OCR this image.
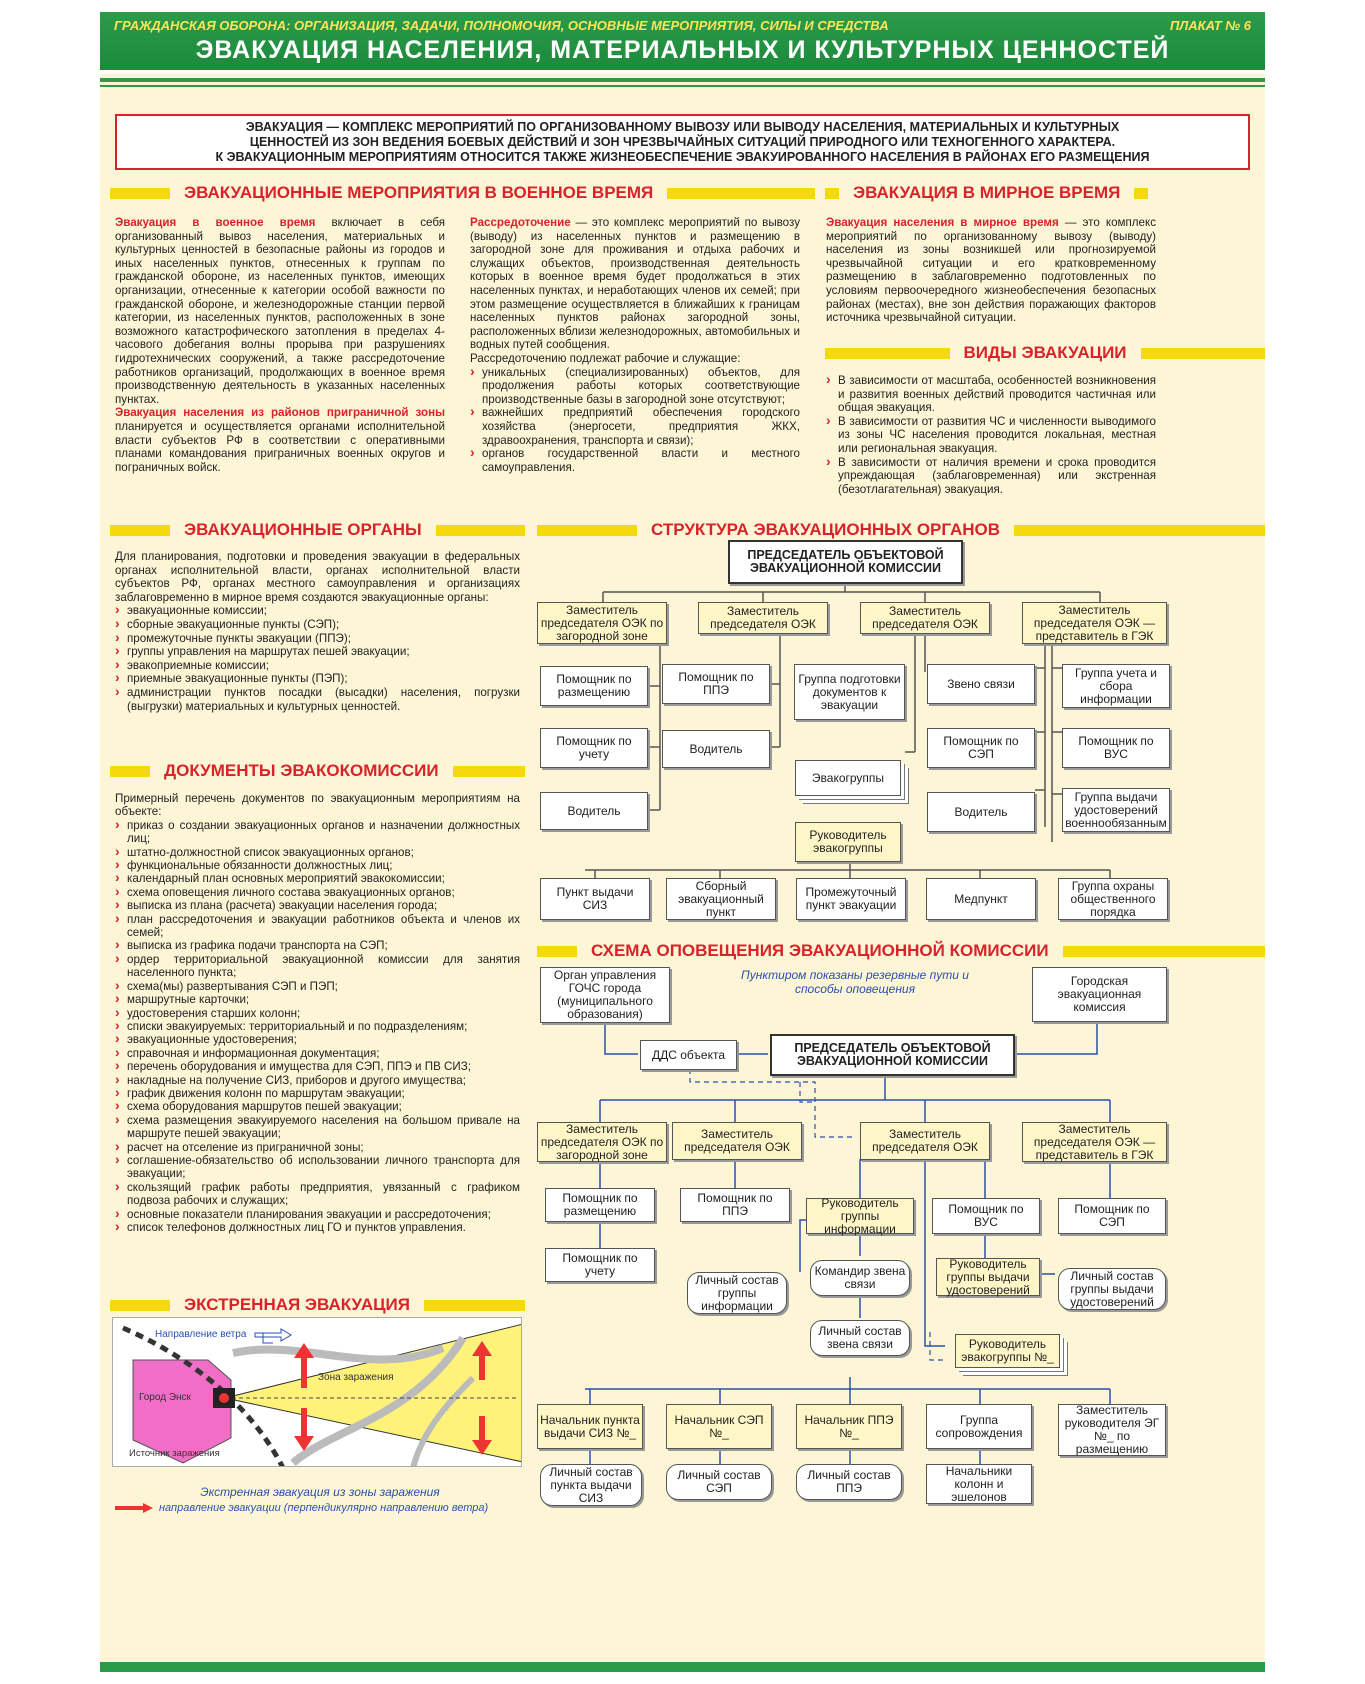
ГРАЖДАНСКАЯ ОБОРОНА: ОРГАНИЗАЦИЯ, ЗАДАЧИ, ПОЛНОМОЧИЯ, ОСНОВНЫЕ МЕРОПРИЯТИЯ, СИЛЫ И СРЕДСТВА	ПЛАКАТ № 6
ЭВАКУАЦИЯ НАСЕЛЕНИЯ, МАТЕРИАЛЬНЫХ И КУЛЬТУРНЫХ ЦЕННОСТЕЙ
ЭВАКУАЦИЯ — КОМПЛЕКС МЕРОПРИЯТИЙ ПО ОРГАНИЗОВАННОМУ ВЫВОЗУ ИЛИ ВЫВОДУ НАСЕЛЕНИЯ, МАТЕРИАЛЬНЫХ И КУЛЬТУРНЫХ
ЦЕННОСТЕЙ ИЗ ЗОН ВЕДЕНИЯ БОЕВЫХ ДЕЙСТВИЙ И ЗОН ЧРЕЗВЫЧАЙНЫХ СИТУАЦИЙ ПРИРОДНОГО ИЛИ ТЕХНОГЕННОГО ХАРАКТЕРА.
К ЭВАКУАЦИОННЫМ МЕРОПРИЯТИЯМ ОТНОСИТСЯ ТАКЖЕ ЖИЗНЕОБЕСПЕЧЕНИЕ ЭВАКУИРОВАННОГО НАСЕЛЕНИЯ В РАЙОНАХ ЕГО РАЗМЕЩЕНИЯ
ЭВАКУАЦИОННЫЕ МЕРОПРИЯТИЯ В ВОЕННОЕ ВРЕМЯ	ЭВАКУАЦИЯ В МИРНОЕ ВРЕМЯ

Эвакуация в военное время включает в себя организованный вывоз населения, материальных и культурных ценностей в безопасные районы из городов и иных населенных пунктов, отнесенных к группам по гражданской обороне, из населенных пунктов, имеющих организации, отнесенные к категории особой важности по гражданской обороне, и железнодорожные станции первой категории, из населенных пунктов, расположенных в зоне возможного катастрофического затопления в пределах 4-часового добегания волны прорыва при разрушениях гидротехнических сооружений, а также рассредоточение работников организаций, продолжающих в военное время производственную деятельность в указанных населенных пунктах.

Эвакуация населения из районов приграничной зоны планируется и осуществляется органами исполнительной власти субъектов РФ в соответствии с оперативными планами командования приграничных военных округов и пограничных войск.

Рассредоточение — это комплекс мероприятий по вывозу (выводу) из населенных пунктов и размещению в загородной зоне для проживания и отдыха рабочих и служащих объектов, производственная деятельность которых в военное время будет продолжаться в этих населенных пунктах, и неработающих членов их семей; при этом размещение осуществляется в ближайших к границам населенных пунктов районах загородной зоны, расположенных вблизи железнодорожных, автомобильных и водных путей сообщения.

Рассредоточению подлежат рабочие и служащие:

› уникальных (специализированных) объектов, для продолжения работы которых соответствующие производственные базы в загородной зоне отсутствуют;
› важнейших предприятий обеспечения городского хозяйства (энергосети, предприятия ЖКХ, здравоохранения, транспорта и связи);
› органов государственной власти и местного самоуправления.

Эвакуация населения в мирное время — это комплекс мероприятий по организованному вывозу (выводу) населения из зоны возникшей или прогнозируемой чрезвычайной ситуации и его кратковременному размещению в заблаговременно подготовленных по условиям первоочередного жизнеобеспечения безопасных районах (местах), вне зон действия поражающих факторов источника чрезвычайной ситуации.

ВИДЫ ЭВАКУАЦИИ
› В зависимости от масштаба, особенностей возникновения и развития военных действий проводится частичная или общая эвакуация.
› В зависимости от развития ЧС и численности выводимого из зоны ЧС населения проводится локальная, местная или региональная эвакуация.
› В зависимости от наличия времени и срока проводится упреждающая (заблаговременная) или экстренная (безотлагательная) эвакуация.
ЭВАКУАЦИОННЫЕ ОРГАНЫ

Для планирования, подготовки и проведения эвакуации в федеральных органах исполнительной власти, органах исполнительной власти субъектов РФ, органах местного самоуправления и организациях заблаговременно в мирное время создаются эвакуационные органы:

› эвакуационные комиссии;
› сборные эвакуационные пункты (СЭП);
› промежуточные пункты эвакуации (ППЭ);
› группы управления на маршрутах пешей эвакуации;
› эвакоприемные комиссии;
› приемные эвакуационные пункты (ПЭП);
› администрации пунктов посадки (высадки) населения, погрузки (выгрузки) материальных и культурных ценностей.
ДОКУМЕНТЫ ЭВАКОКОМИССИИ

Примерный перечень документов по эвакуационным мероприятиям на объекте:

› приказ о создании эвакуационных органов и назначении должностных лиц;
› штатно-должностной список эвакуационных органов;
› функциональные обязанности должностных лиц;
› календарный план основных мероприятий эвакокомиссии;
› схема оповещения личного состава эвакуационных органов;
› выписка из плана (расчета) эвакуации населения города;
› план рассредоточения и эвакуации работников объекта и членов их семей;
› выписка из графика подачи транспорта на СЭП;
› ордер территориальной эвакуационной комиссии для занятия населенного пункта;
› схема(мы) развертывания СЭП и ПЭП;
› маршрутные карточки;
› удостоверения старших колонн;
› списки эвакуируемых: территориальный и по подразделениям;
› эвакуационные удостоверения;
› справочная и информационная документация;
› перечень оборудования и имущества для СЭП, ППЭ и ПВ СИЗ;
› накладные на получение СИЗ, приборов и другого имущества;
› график движения колонн по маршрутам эвакуации;
› схема оборудования маршрутов пешей эвакуации;
› схема размещения эвакуируемого населения на большом привале на маршруте пешей эвакуации;
› расчет на отселение из приграничной зоны;
› соглашение-обязательство об использовании личного транспорта для эвакуации;
› скользящий график работы предприятия, увязанный с графиком подвоза рабочих и служащих;
› основные показатели планирования эвакуации и рассредоточения;
› список телефонов должностных лиц ГО и пунктов управления.
ЭКСТРЕННАЯ ЭВАКУАЦИЯ
Направление ветра
Зона заражения
Город Энск
Источник заражения
Экстренная эвакуация из зоны заражения
направление эвакуации (перпендикулярно направлению ветра)
СТРУКТУРА ЭВАКУАЦИОННЫХ ОРГАНОВ
ПРЕДСЕДАТЕЛЬ ОБЪЕКТОВОЙ ЭВАКУАЦИОННОЙ КОМИССИИ
Заместитель председателя ОЭК по загородной зоне
Заместитель председателя ОЭК
Заместитель председателя ОЭК
Заместитель председателя ОЭК — представитель в ГЭК
Помощник по размещению
Помощник по учету
Водитель
Помощник по ППЭ
Водитель
Группа подготовки документов к эвакуации
Звено связи
Эвакогруппы
Руководитель эвакогруппы
Группа учета и сбора информации
Помощник по СЭП
Помощник по ВУС
Водитель
Группа выдачи удостоверений военнообязанным
Пункт выдачи СИЗ
Сборный эвакуационный пункт
Промежуточный пункт эвакуации	Медпункт
Группа охраны общественного порядка
СХЕМА ОПОВЕЩЕНИЯ ЭВАКУАЦИОННОЙ КОМИССИИ
Пунктиром показаны резервные пути и способы оповещения
Орган управления ГОЧС города (муниципального образования)
Городская эвакуационная комиссия
ДДС объекта	ПРЕДСЕДАТЕЛЬ ОБЪЕКТОВОЙ ЭВАКУАЦИОННОЙ КОМИССИИ
Заместитель председателя ОЭК по загородной зоне
Заместитель председателя ОЭК
Заместитель председателя ОЭК
Заместитель председателя ОЭК — представитель в ГЭК
Помощник по размещению
Помощник по учету
Помощник по ППЭ
Руководитель группы информации
Личный состав группы информации
Командир звена связи
Личный состав звена связи
Помощник по ВУС
Помощник по СЭП
Руководитель группы выдачи удостоверений
Личный состав группы выдачи удостоверений
Руководитель эвакогруппы №_
Начальник пункта выдачи СИЗ №_
Начальник СЭП №_
Начальник ППЭ №_
Группа сопровождения
Заместитель руководителя ЭГ №_ по размещению
Личный состав пункта выдачи СИЗ
Личный состав СЭП
Личный состав ППЭ
Начальники колонн и эшелонов
